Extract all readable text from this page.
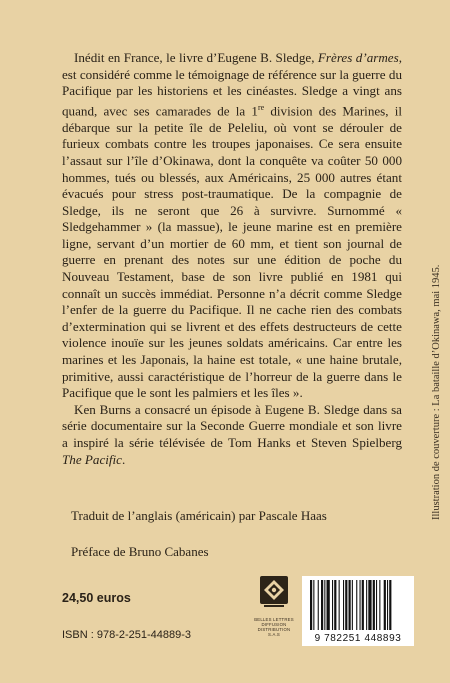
Inédit en France, le livre d’Eugene B. Sledge, Frères d’armes, est considéré comme le témoignage de référence sur la guerre du Pacifique par les historiens et les cinéastes. Sledge a vingt ans quand, avec ses camarades de la 1re division des Marines, il débarque sur la petite île de Peleliu, où vont se dérouler de furieux combats contre les troupes japonaises. Ce sera ensuite l’assaut sur l’île d’Okinawa, dont la conquête va coûter 50 000 hommes, tués ou blessés, aux Américains, 25 000 autres étant évacués pour stress post-traumatique. De la compagnie de Sledge, ils ne seront que 26 à survivre. Surnommé « Sledgehammer » (la massue), le jeune marine est en première ligne, servant d’un mortier de 60 mm, et tient son journal de guerre en prenant des notes sur une édition de poche du Nouveau Testament, base de son livre publié en 1981 qui connaît un succès immédiat. Personne n’a décrit comme Sledge l’enfer de la guerre du Pacifique. Il ne cache rien des combats d’extermination qui se livrent et des effets destructeurs de cette violence inouïe sur les jeunes soldats américains. Car entre les marines et les Japonais, la haine est totale, « une haine brutale, primitive, aussi caractéristique de l’horreur de la guerre dans le Pacifique que le sont les palmiers et les îles ».

Ken Burns a consacré un épisode à Eugene B. Sledge dans sa série documentaire sur la Seconde Guerre mondiale et son livre a inspiré la série télévisée de Tom Hanks et Steven Spielberg The Pacific.

Traduit de l’anglais (américain) par Pascale Haas
Préface de Bruno Cabanes
24,50 euros
ISBN : 978-2-251-44889-3
BELLES LETTRES DIFFUSION DISTRIBUTION
S.A.S	9 782251 448893
Illustration de couverture : La bataille d’Okinawa, mai 1945.
